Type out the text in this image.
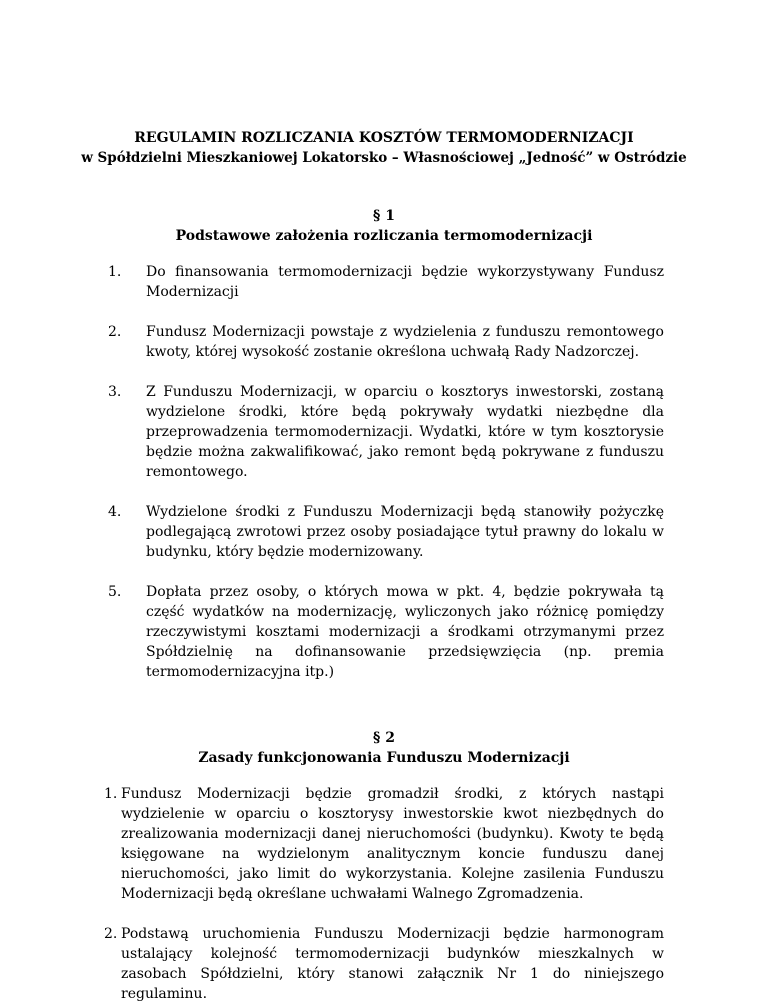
REGULAMIN ROZLICZANIA KOSZTÓW TERMOMODERNIZACJI

w Spółdzielni Mieszkaniowej Lokatorsko – Własnościowej „Jedność” w Ostródzie

§ 1

Podstawowe założenia rozliczania termomodernizacji

1. Do finansowania termomodernizacji będzie wykorzystywany Fundusz Modernizacji
2. Fundusz Modernizacji powstaje z wydzielenia z funduszu remontowego kwoty, której wysokość zostanie określona uchwałą Rady Nadzorczej.
3. Z Funduszu Modernizacji, w oparciu o kosztorys inwestorski, zostaną wydzielone środki, które będą pokrywały wydatki niezbędne dla przeprowadzenia termomodernizacji. Wydatki, które w tym kosztorysie będzie można zakwalifikować, jako remont będą pokrywane z funduszu remontowego.
4. Wydzielone środki z Funduszu Modernizacji będą stanowiły pożyczkę podlegającą zwrotowi przez osoby posiadające tytuł prawny do lokalu w budynku, który będzie modernizowany.
5. Dopłata przez osoby, o których mowa w pkt. 4, będzie pokrywała tą część wydatków na modernizację, wyliczonych jako różnicę pomiędzy rzeczywistymi kosztami modernizacji a środkami otrzymanymi przez Spółdzielnię na dofinansowanie przedsięwzięcia (np. premia termomodernizacyjna itp.)

§ 2

Zasady funkcjonowania Funduszu Modernizacji

1. Fundusz Modernizacji będzie gromadził środki, z których nastąpi wydzielenie w oparciu o kosztorysy inwestorskie kwot niezbędnych do zrealizowania modernizacji danej nieruchomości (budynku). Kwoty te będą księgowane na wydzielonym analitycznym koncie funduszu danej nieruchomości, jako limit do wykorzystania. Kolejne zasilenia Funduszu Modernizacji będą określane uchwałami Walnego Zgromadzenia.
2. Podstawą uruchomienia Funduszu Modernizacji będzie harmonogram ustalający kolejność termomodernizacji budynków mieszkalnych w zasobach Spółdzielni, który stanowi załącznik Nr 1 do niniejszego regulaminu.
